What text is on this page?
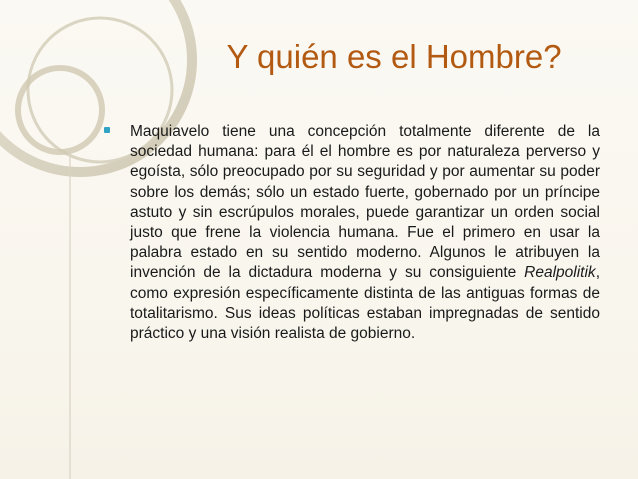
Y quién es el Hombre?

Maquiavelo tiene una concepción totalmente diferente de la sociedad humana: para él el hombre es por naturaleza perverso y egoísta, sólo preocupado por su seguridad y por aumentar su poder sobre los demás; sólo un estado fuerte, gobernado por un príncipe astuto y sin escrúpulos morales, puede garantizar un orden social justo que frene la violencia humana. Fue el primero en usar la palabra estado en su sentido moderno. Algunos le atribuyen la invención de la dictadura moderna y su consiguiente Realpolitik, como expresión específicamente distinta de las antiguas formas de totalitarismo. Sus ideas políticas estaban impregnadas de sentido práctico y una visión realista de gobierno.
